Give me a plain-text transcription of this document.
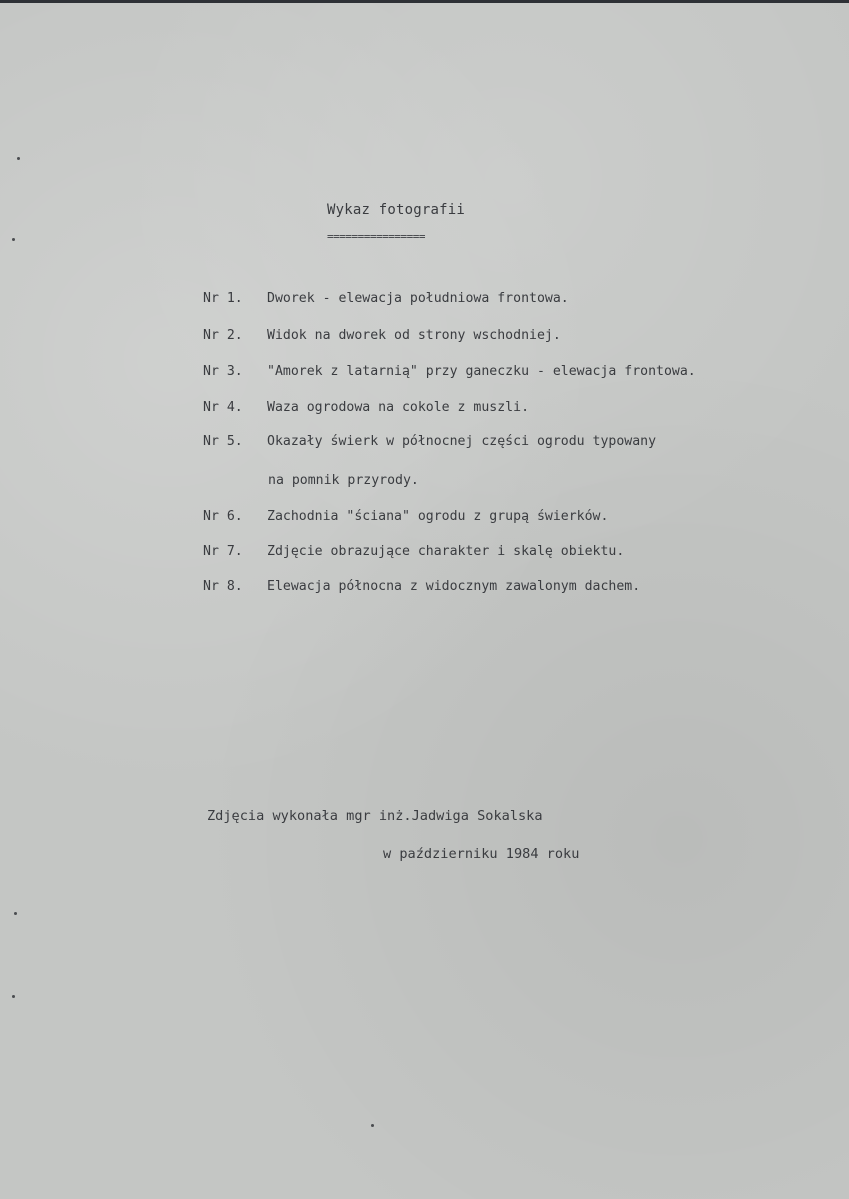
Wykaz fotografii
================
Nr 1.	Dworek - elewacja południowa frontowa.
Nr 2.	Widok na dworek od strony wschodniej.
Nr 3.	"Amorek z latarnią" przy ganeczku - elewacja frontowa.
Nr 4.	Waza ogrodowa na cokole z muszli.
Nr 5.	Okazały świerk w północnej części ogrodu typowany
na pomnik przyrody.
Nr 6.	Zachodnia "ściana" ogrodu z grupą świerków.
Nr 7.	Zdjęcie obrazujące charakter i skalę obiektu.
Nr 8.	Elewacja północna z widocznym zawalonym dachem.
Zdjęcia wykonała mgr inż.Jadwiga Sokalska
w październiku 1984 roku
